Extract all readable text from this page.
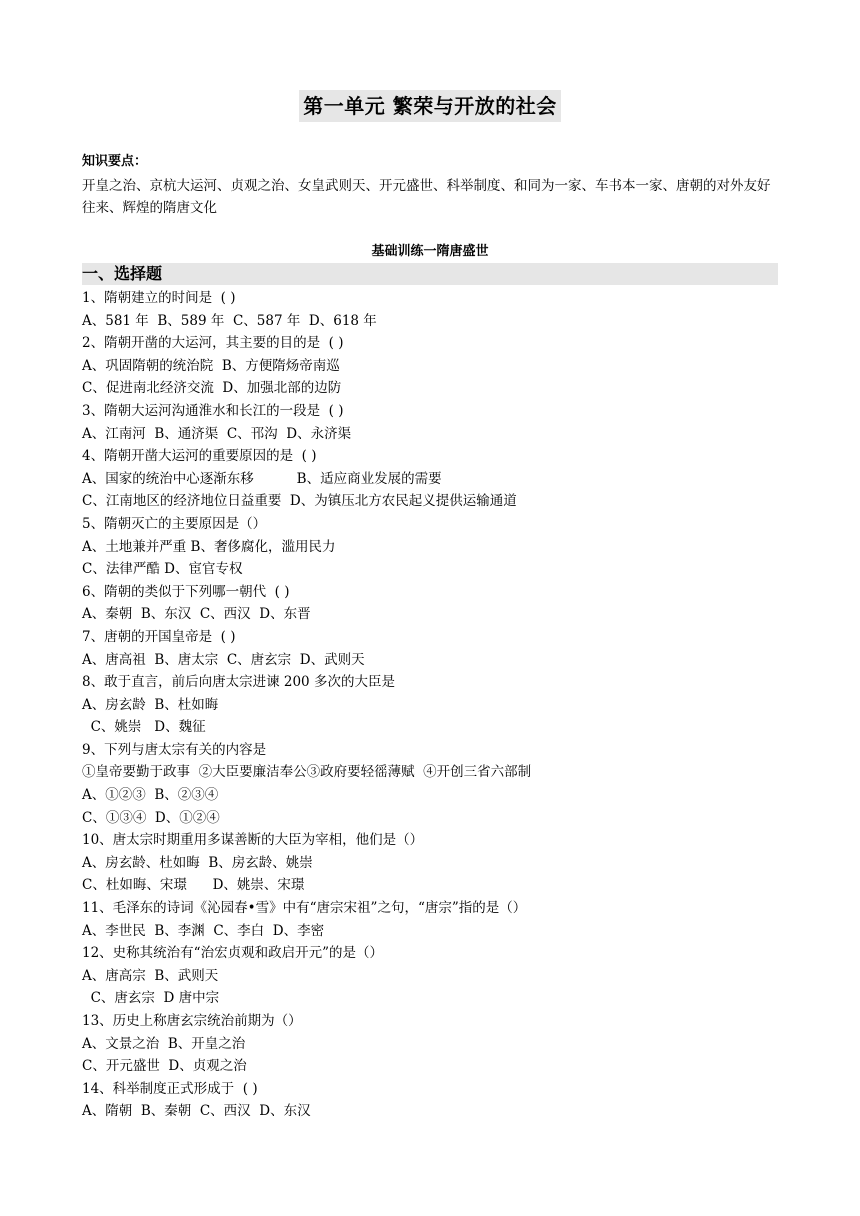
第一单元 繁荣与开放的社会
知识要点：
开皇之治、京杭大运河、贞观之治、女皇武则天、开元盛世、科举制度、和同为一家、车书本一家、唐朝的对外友好往来、辉煌的隋唐文化
基础训练一隋唐盛世
一、选择题
1、隋朝建立的时间是  ( )
A、581 年  B、589 年  C、587 年  D、618 年
2、隋朝开凿的大运河，其主要的目的是  ( )
A、巩固隋朝的统治院  B、方便隋炀帝南巡
C、促进南北经济交流  D、加强北部的边防
3、隋朝大运河沟通淮水和长江的一段是  ( )
A、江南河  B、通济渠  C、邗沟  D、永济渠
4、隋朝开凿大运河的重要原因的是  ( )
A、国家的统治中心逐渐东移          B、适应商业发展的需要
C、江南地区的经济地位日益重要  D、为镇压北方农民起义提供运输通道
5、隋朝灭亡的主要原因是（）
A、土地兼并严重 B、奢侈腐化，滥用民力
C、法律严酷 D、宦官专权
6、隋朝的类似于下列哪一朝代  ( )
A、秦朝  B、东汉  C、西汉  D、东晋
7、唐朝的开国皇帝是  ( )
A、唐高祖  B、唐太宗  C、唐玄宗  D、武则天
8、敢于直言，前后向唐太宗进谏 200 多次的大臣是
A、房玄龄  B、杜如晦
C、姚崇   D、魏征
9、下列与唐太宗有关的内容是
①皇帝要勤于政事  ②大臣要廉洁奉公③政府要轻徭薄赋  ④开创三省六部制
A、①②③  B、②③④
C、①③④  D、①②④
10、唐太宗时期重用多谋善断的大臣为宰相，他们是（）
A、房玄龄、杜如晦  B、房玄龄、姚崇
C、杜如晦、宋璟      D、姚崇、宋璟
11、毛泽东的诗词《沁园春•雪》中有“唐宗宋祖”之句，“唐宗”指的是（）
A、李世民  B、李渊  C、李白  D、李密
12、史称其统治有“治宏贞观和政启开元”的是（）
A、唐高宗  B、武则天
C、唐玄宗  D 唐中宗
13、历史上称唐玄宗统治前期为（）
A、文景之治  B、开皇之治
C、开元盛世  D、贞观之治
14、科举制度正式形成于  ( )
A、隋朝  B、秦朝  C、西汉  D、东汉
